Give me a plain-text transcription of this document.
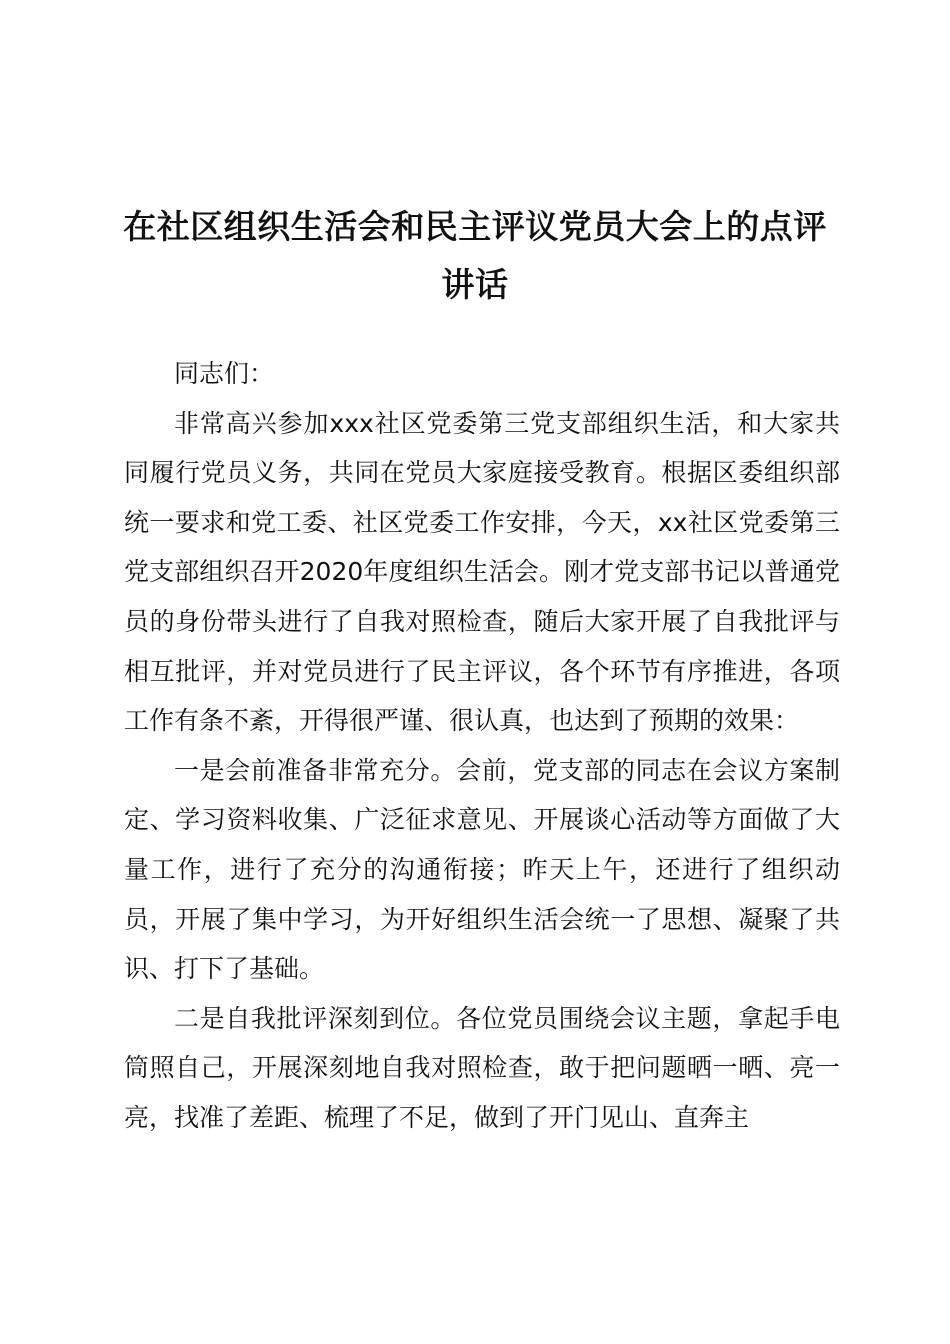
在社区组织生活会和民主评议党员大会上的点评讲话

同志们：

非常高兴参加xxx社区党委第三党支部组织生活，和大家共同履行党员义务，共同在党员大家庭接受教育。根据区委组织部统一要求和党工委、社区党委工作安排，今天，xx社区党委第三党支部组织召开2020年度组织生活会。刚才党支部书记以普通党员的身份带头进行了自我对照检查，随后大家开展了自我批评与相互批评，并对党员进行了民主评议，各个环节有序推进，各项工作有条不紊，开得很严谨、很认真，也达到了预期的效果：

一是会前准备非常充分。会前，党支部的同志在会议方案制定、学习资料收集、广泛征求意见、开展谈心活动等方面做了大量工作，进行了充分的沟通衔接；昨天上午，还进行了组织动员，开展了集中学习，为开好组织生活会统一了思想、凝聚了共识、打下了基础。

二是自我批评深刻到位。各位党员围绕会议主题，拿起手电筒照自己，开展深刻地自我对照检查，敢于把问题晒一晒、亮一亮，找准了差距、梳理了不足，做到了开门见山、直奔主
